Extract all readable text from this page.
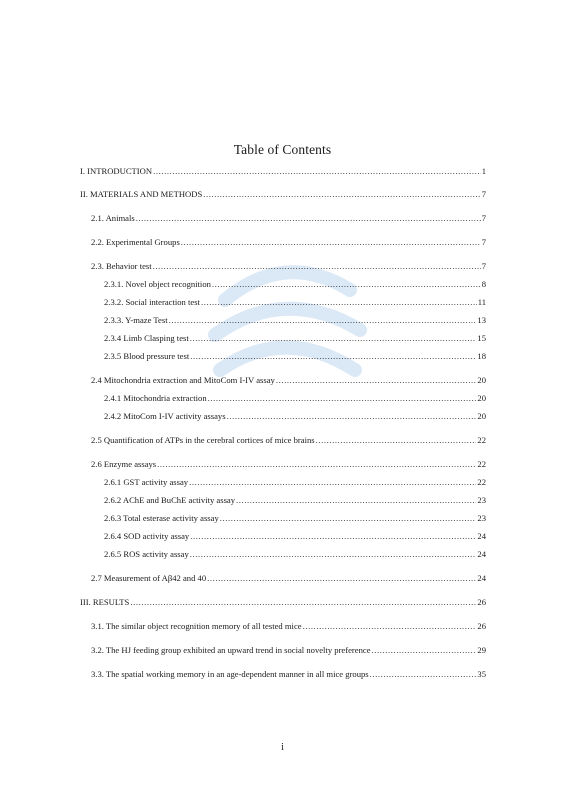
Table of Contents
I. INTRODUCTION .....	1
II. MATERIALS AND METHODS .....	7
2.1. Animals .....	7
2.2. Experimental Groups .....	7
2.3. Behavior test .....	7
2.3.1. Novel object recognition .....	8
2.3.2. Social interaction test .....	11
2.3.3. Y-maze Test .....	13
2.3.4 Limb Clasping test .....	15
2.3.5 Blood pressure test .....	18
2.4 Mitochondria extraction and MitoCom I-IV assay .....	20
2.4.1 Mitochondria extraction .....	20
2.4.2 MitoCom I-IV activity assays .....	20
2.5 Quantification of ATPs in the cerebral cortices of mice brains .....	22
2.6 Enzyme assays .....	22
2.6.1 GST activity assay .....	22
2.6.2 AChE and BuChE activity assay .....	23
2.6.3 Total esterase activity assay .....	23
2.6.4 SOD activity assay .....	24
2.6.5 ROS activity assay .....	24
2.7 Measurement of Aβ42 and 40 .....	24
III. RESULTS .....	26
3.1. The similar object recognition memory of all tested mice .....	26
3.2. The HJ feeding group exhibited an upward trend in social novelty preference .....	29
3.3. The spatial working memory in an age-dependent manner in all mice groups .....	35
i
